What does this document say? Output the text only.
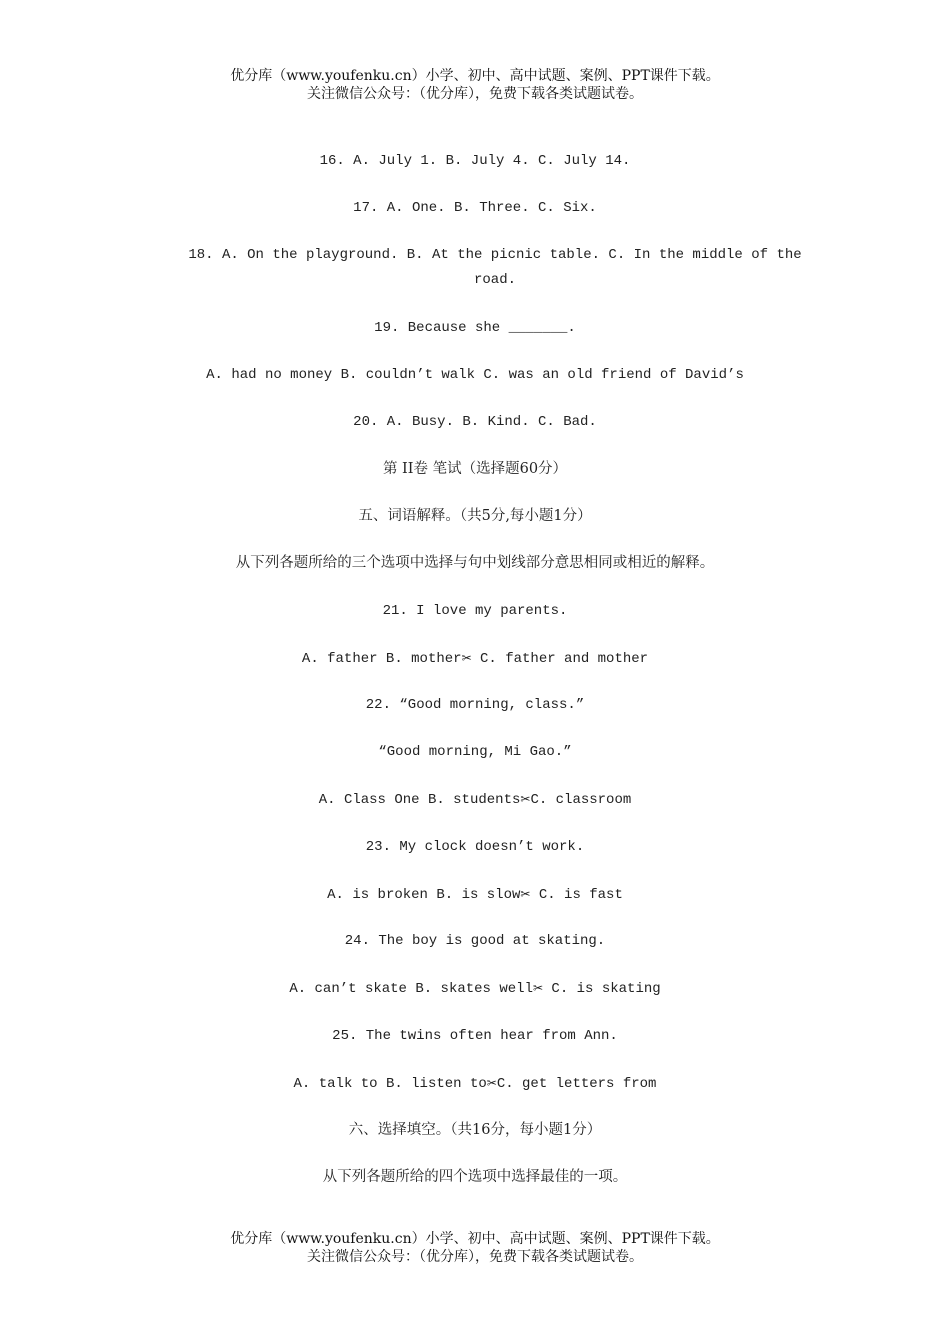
优分库（www.youfenku.cn）小学、初中、高中试题、案例、PPT课件下载。
关注微信公众号：（优分库），免费下载各类试题试卷。
16. A. July 1. B. July 4. C. July 14.
17. A. One. B. Three. C. Six.
18. A. On the playground. B. At the picnic table. C. In the middle of the road.
19. Because she _______.
A. had no money B. couldn’t walk C. was an old friend of David’s
20. A. Busy. B. Kind. C. Bad.
第 II卷 笔试（选择题60分）
五、词语解释。（共5分,每小题1分）
从下列各题所给的三个选项中选择与句中划线部分意思相同或相近的解释。
21. I love my parents.
A. father B. mother✂ C. father and mother
22. “Good morning, class.”
“Good morning, Mi Gao.”
A. Class One B. students✂C. classroom
23. My clock doesn’t work.
A. is broken B. is slow✂ C. is fast
24. The boy is good at skating.
A. can’t skate B. skates well✂ C. is skating
25. The twins often hear from Ann.
A. talk to B. listen to✂C. get letters from
六、选择填空。（共16分，每小题1分）
从下列各题所给的四个选项中选择最佳的一项。
优分库（www.youfenku.cn）小学、初中、高中试题、案例、PPT课件下载。
关注微信公众号：（优分库），免费下载各类试题试卷。
